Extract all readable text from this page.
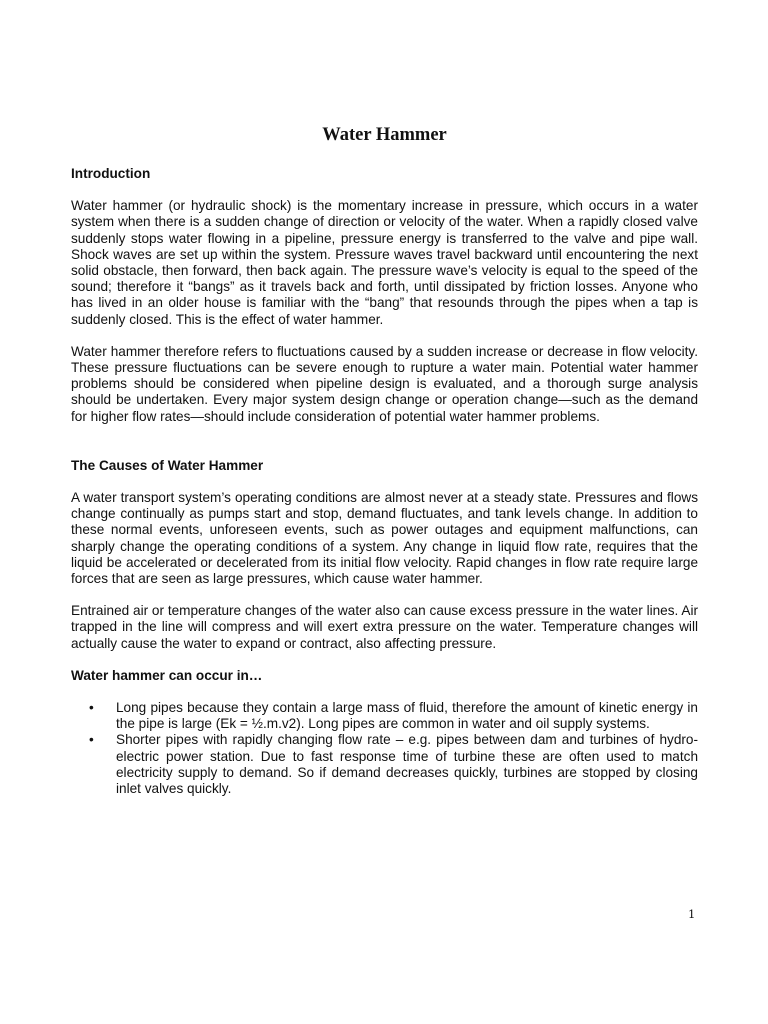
Water Hammer
Introduction

Water hammer (or hydraulic shock) is the momentary increase in pressure, which occurs in a water system when there is a sudden change of direction or velocity of the water. When a rapidly closed valve suddenly stops water flowing in a pipeline, pressure energy is transferred to the valve and pipe wall. Shock waves are set up within the system. Pressure waves travel backward until encountering the next solid obstacle, then forward, then back again. The pressure wave’s velocity is equal to the speed of the sound; therefore it “bangs” as it travels back and forth, until dissipated by friction losses. Anyone who has lived in an older house is familiar with the “bang” that resounds through the pipes when a tap is suddenly closed. This is the effect of water hammer.

Water hammer therefore refers to fluctuations caused by a sudden increase or decrease in flow velocity. These pressure fluctuations can be severe enough to rupture a water main. Potential water hammer problems should be considered when pipeline design is evaluated, and a thorough surge analysis should be undertaken. Every major system design change or operation change—such as the demand for higher flow rates—should include consideration of potential water hammer problems.

The Causes of Water Hammer

A water transport system’s operating conditions are almost never at a steady state. Pressures and flows change continually as pumps start and stop, demand fluctuates, and tank levels change. In addition to these normal events, unforeseen events, such as power outages and equipment malfunctions, can sharply change the operating conditions of a system. Any change in liquid flow rate, requires that the liquid be accelerated or decelerated from its initial flow velocity. Rapid changes in flow rate require large forces that are seen as large pressures, which cause water hammer.

Entrained air or temperature changes of the water also can cause excess pressure in the water lines. Air trapped in the line will compress and will exert extra pressure on the water. Temperature changes will actually cause the water to expand or contract, also affecting pressure.

Water hammer can occur in…
• Long pipes because they contain a large mass of fluid, therefore the amount of kinetic energy in the pipe is large (Ek = ½.m.v2). Long pipes are common in water and oil supply systems.
• Shorter pipes with rapidly changing flow rate – e.g. pipes between dam and turbines of hydro-electric power station. Due to fast response time of turbine these are often used to match electricity supply to demand. So if demand decreases quickly, turbines are stopped by closing inlet valves quickly.
1
